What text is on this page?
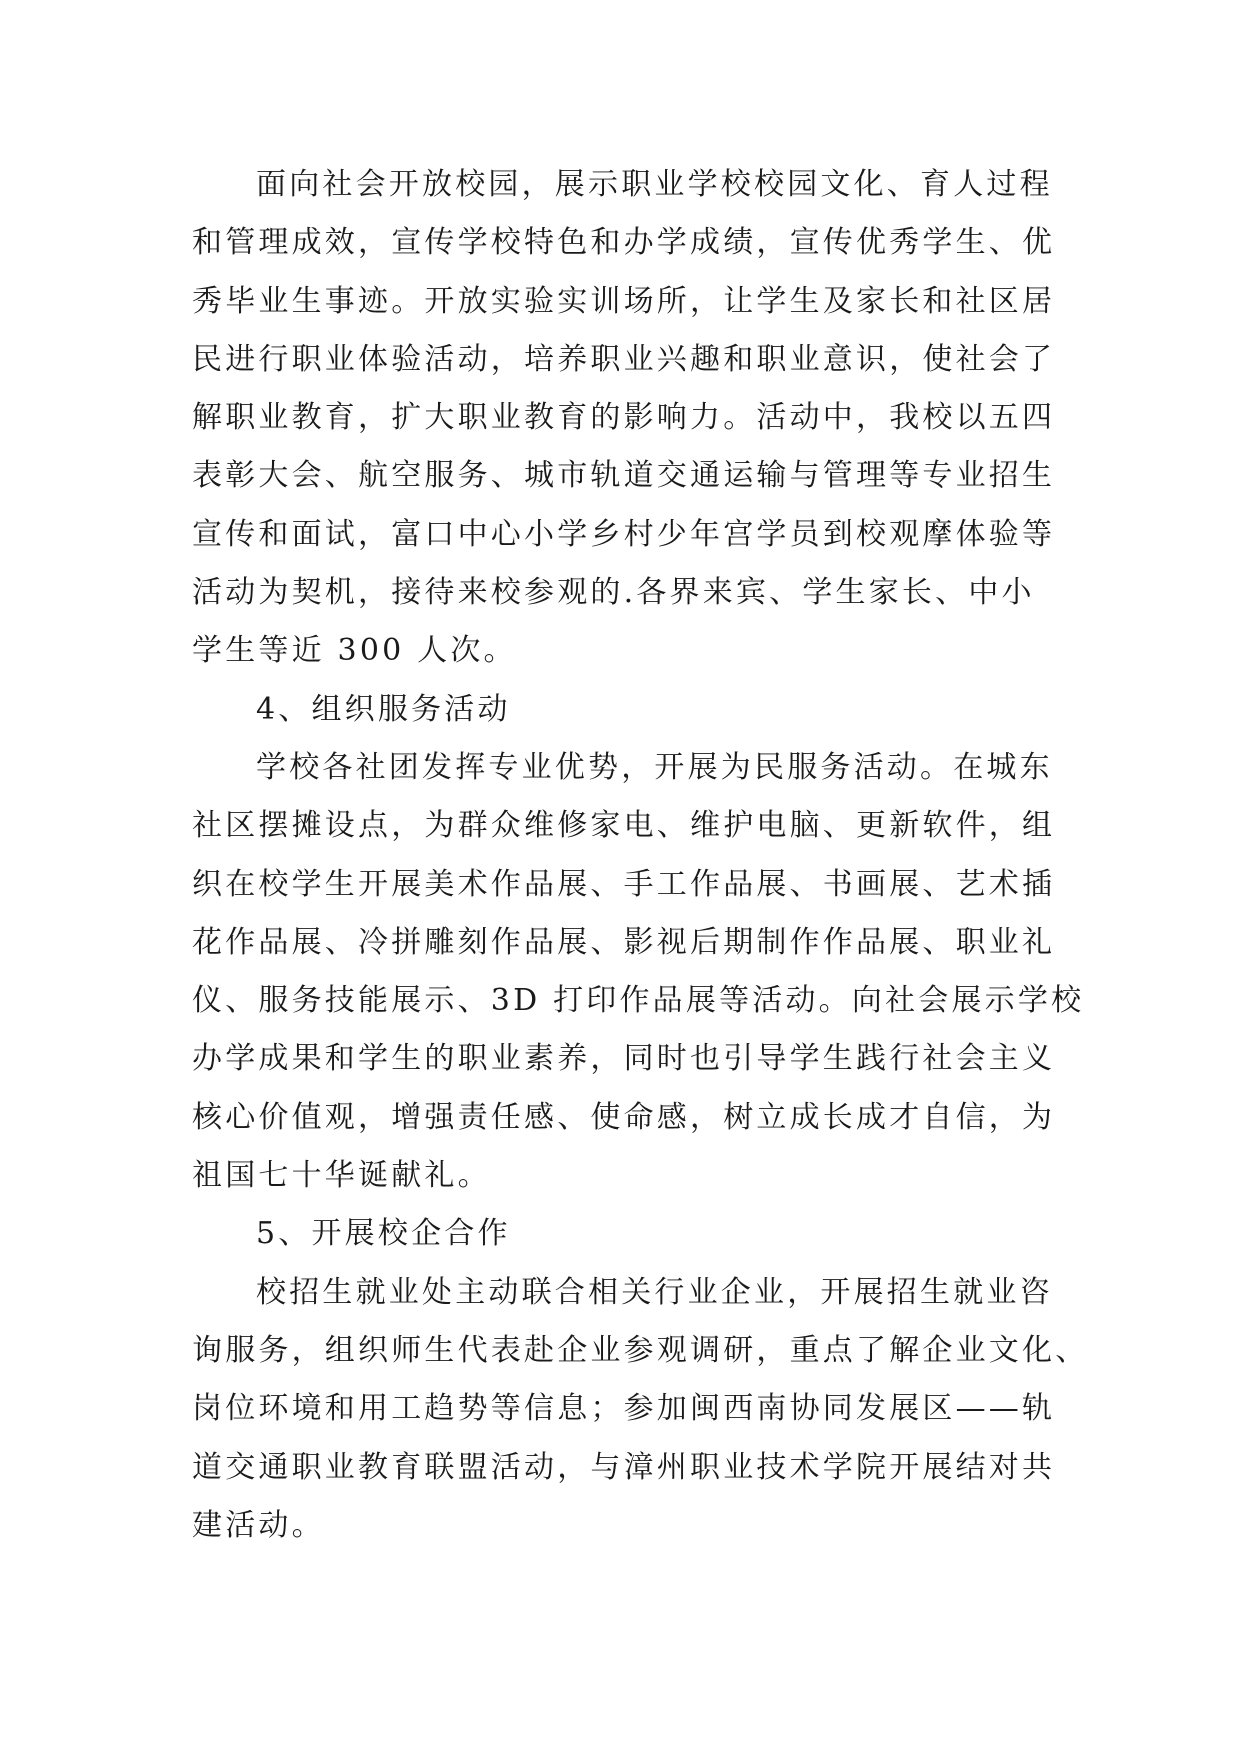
面向社会开放校园，展示职业学校校园文化、育人过程
和管理成效，宣传学校特色和办学成绩，宣传优秀学生、优
秀毕业生事迹。开放实验实训场所，让学生及家长和社区居
民进行职业体验活动，培养职业兴趣和职业意识，使社会了
解职业教育，扩大职业教育的影响力。活动中，我校以五四
表彰大会、航空服务、城市轨道交通运输与管理等专业招生
宣传和面试，富口中心小学乡村少年宫学员到校观摩体验等
活动为契机，接待来校参观的.各界来宾、学生家长、中小
学生等近 300 人次。

4、组织服务活动

学校各社团发挥专业优势，开展为民服务活动。在城东
社区摆摊设点，为群众维修家电、维护电脑、更新软件，组
织在校学生开展美术作品展、手工作品展、书画展、艺术插
花作品展、冷拼雕刻作品展、影视后期制作作品展、职业礼
仪、服务技能展示、3D 打印作品展等活动。向社会展示学校
办学成果和学生的职业素养，同时也引导学生践行社会主义
核心价值观，增强责任感、使命感，树立成长成才自信，为
祖国七十华诞献礼。

5、开展校企合作

校招生就业处主动联合相关行业企业，开展招生就业咨
询服务，组织师生代表赴企业参观调研，重点了解企业文化、
岗位环境和用工趋势等信息；参加闽西南协同发展区——轨
道交通职业教育联盟活动，与漳州职业技术学院开展结对共
建活动。
